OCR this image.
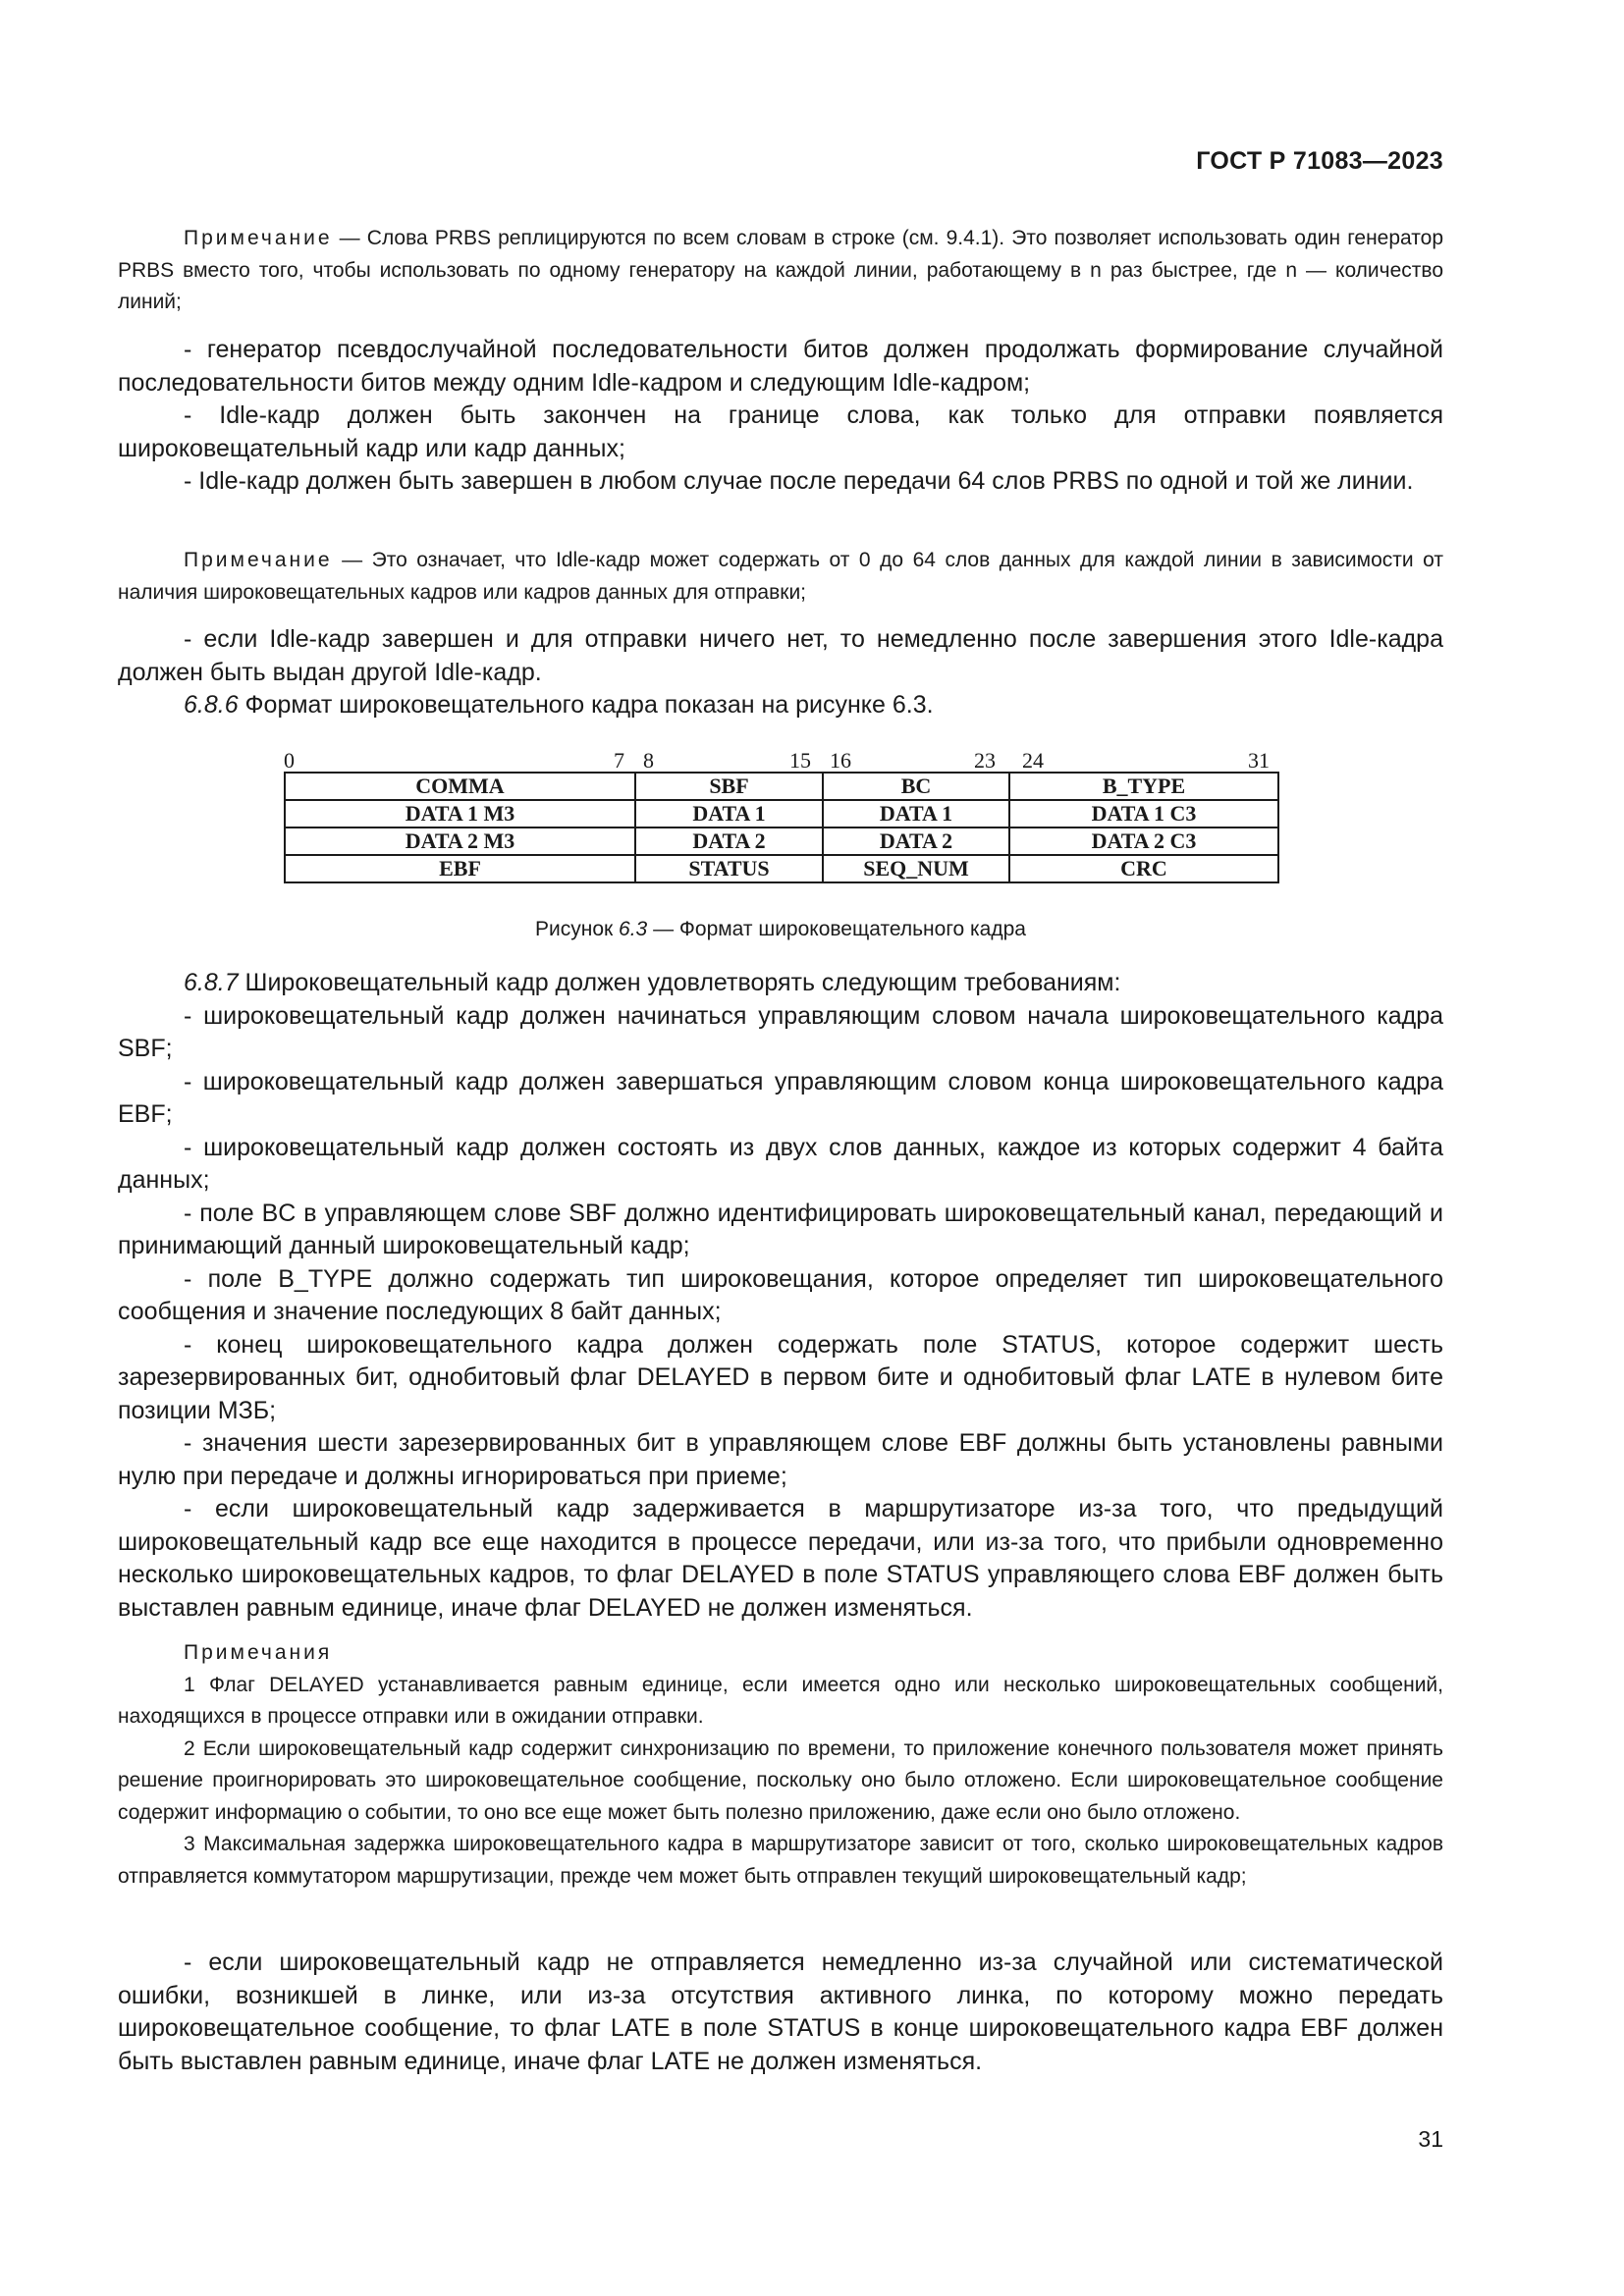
ГОСТ Р 71083—2023

Примечание — Слова PRBS реплицируются по всем словам в строке (см. 9.4.1). Это позволяет использовать один генератор PRBS вместо того, чтобы использовать по одному генератору на каждой линии, работающему в n раз быстрее, где n — количество линий;

- генератор псевдослучайной последовательности битов должен продолжать формирование случайной последовательности битов между одним Idle-кадром и следующим Idle-кадром;

- Idle-кадр должен быть закончен на границе слова, как только для отправки появляется широковещательный кадр или кадр данных;

- Idle-кадр должен быть завершен в любом случае после передачи 64 слов PRBS по одной и той же линии.

Примечание — Это означает, что Idle-кадр может содержать от 0 до 64 слов данных для каждой линии в зависимости от наличия широковещательных кадров или кадров данных для отправки;

- если Idle-кадр завершен и для отправки ничего нет, то немедленно после завершения этого Idle-кадра должен быть выдан другой Idle-кадр.

6.8.6 Формат широковещательного кадра показан на рисунке 6.3.

0	7 8	15 16	23 24	31
COMMA	SBF	BC	B_TYPE
DATA 1 M3	DATA 1	DATA 1	DATA 1 C3
DATA 2 M3	DATA 2	DATA 2	DATA 2 C3
EBF	STATUS	SEQ_NUM	CRC
Рисунок 6.3 — Формат широковещательного кадра

6.8.7 Широковещательный кадр должен удовлетворять следующим требованиям:

- широковещательный кадр должен начинаться управляющим словом начала широковещательного кадра SBF;

- широковещательный кадр должен завершаться управляющим словом конца широковещательного кадра EBF;

- широковещательный кадр должен состоять из двух слов данных, каждое из которых содержит 4 байта данных;

- поле BC в управляющем слове SBF должно идентифицировать широковещательный канал, передающий и принимающий данный широковещательный кадр;

- поле B_TYPE должно содержать тип широковещания, которое определяет тип широковещательного сообщения и значение последующих 8 байт данных;

- конец широковещательного кадра должен содержать поле STATUS, которое содержит шесть зарезервированных бит, однобитовый флаг DELAYED в первом бите и однобитовый флаг LATE в нулевом бите позиции МЗБ;

- значения шести зарезервированных бит в управляющем слове EBF должны быть установлены равными нулю при передаче и должны игнорироваться при приеме;

- если широковещательный кадр задерживается в маршрутизаторе из-за того, что предыдущий широковещательный кадр все еще находится в процессе передачи, или из-за того, что прибыли одновременно несколько широковещательных кадров, то флаг DELAYED в поле STATUS управляющего слова EBF должен быть выставлен равным единице, иначе флаг DELAYED не должен изменяться.

Примечания

1 Флаг DELAYED устанавливается равным единице, если имеется одно или несколько широковещательных сообщений, находящихся в процессе отправки или в ожидании отправки.

2 Если широковещательный кадр содержит синхронизацию по времени, то приложение конечного пользователя может принять решение проигнорировать это широковещательное сообщение, поскольку оно было отложено. Если широковещательное сообщение содержит информацию о событии, то оно все еще может быть полезно приложению, даже если оно было отложено.

3 Максимальная задержка широковещательного кадра в маршрутизаторе зависит от того, сколько широковещательных кадров отправляется коммутатором маршрутизации, прежде чем может быть отправлен текущий широковещательный кадр;

- если широковещательный кадр не отправляется немедленно из-за случайной или систематической ошибки, возникшей в линке, или из-за отсутствия активного линка, по которому можно передать широковещательное сообщение, то флаг LATE в поле STATUS в конце широковещательного кадра EBF должен быть выставлен равным единице, иначе флаг LATE не должен изменяться.

31
